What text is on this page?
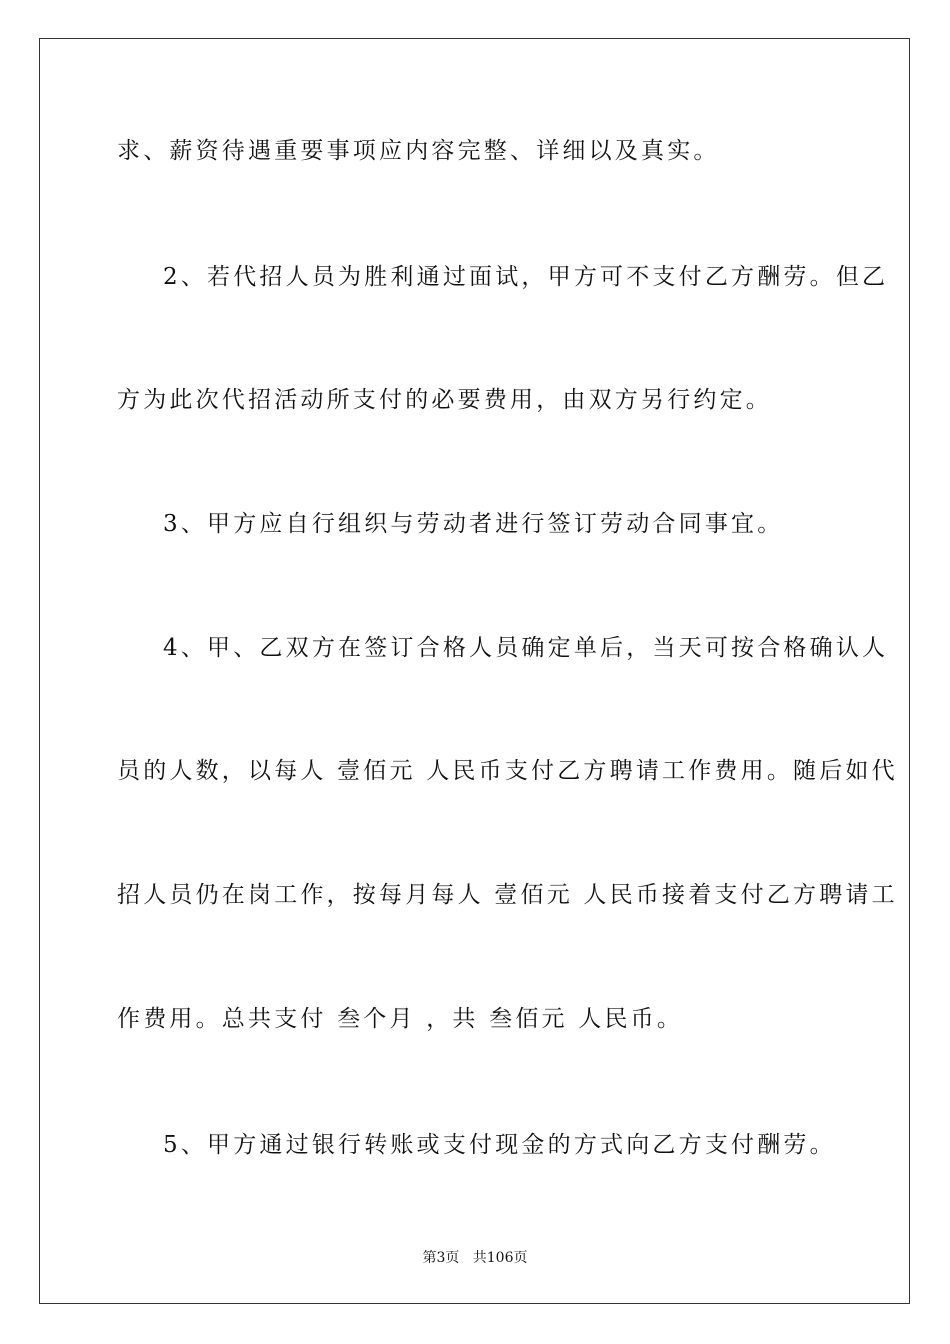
求、薪资待遇重要事项应内容完整、详细以及真实。
2、若代招人员为胜利通过面试，甲方可不支付乙方酬劳。但乙
方为此次代招活动所支付的必要费用，由双方另行约定。
3、甲方应自行组织与劳动者进行签订劳动合同事宜。
4、甲、乙双方在签订合格人员确定单后，当天可按合格确认人
员的人数，以每人 壹佰元 人民币支付乙方聘请工作费用。随后如代
招人员仍在岗工作，按每月每人 壹佰元 人民币接着支付乙方聘请工
作费用。总共支付 叁个月 ，共 叁佰元 人民币。
5、甲方通过银行转账或支付现金的方式向乙方支付酬劳。
第3页   共106页
